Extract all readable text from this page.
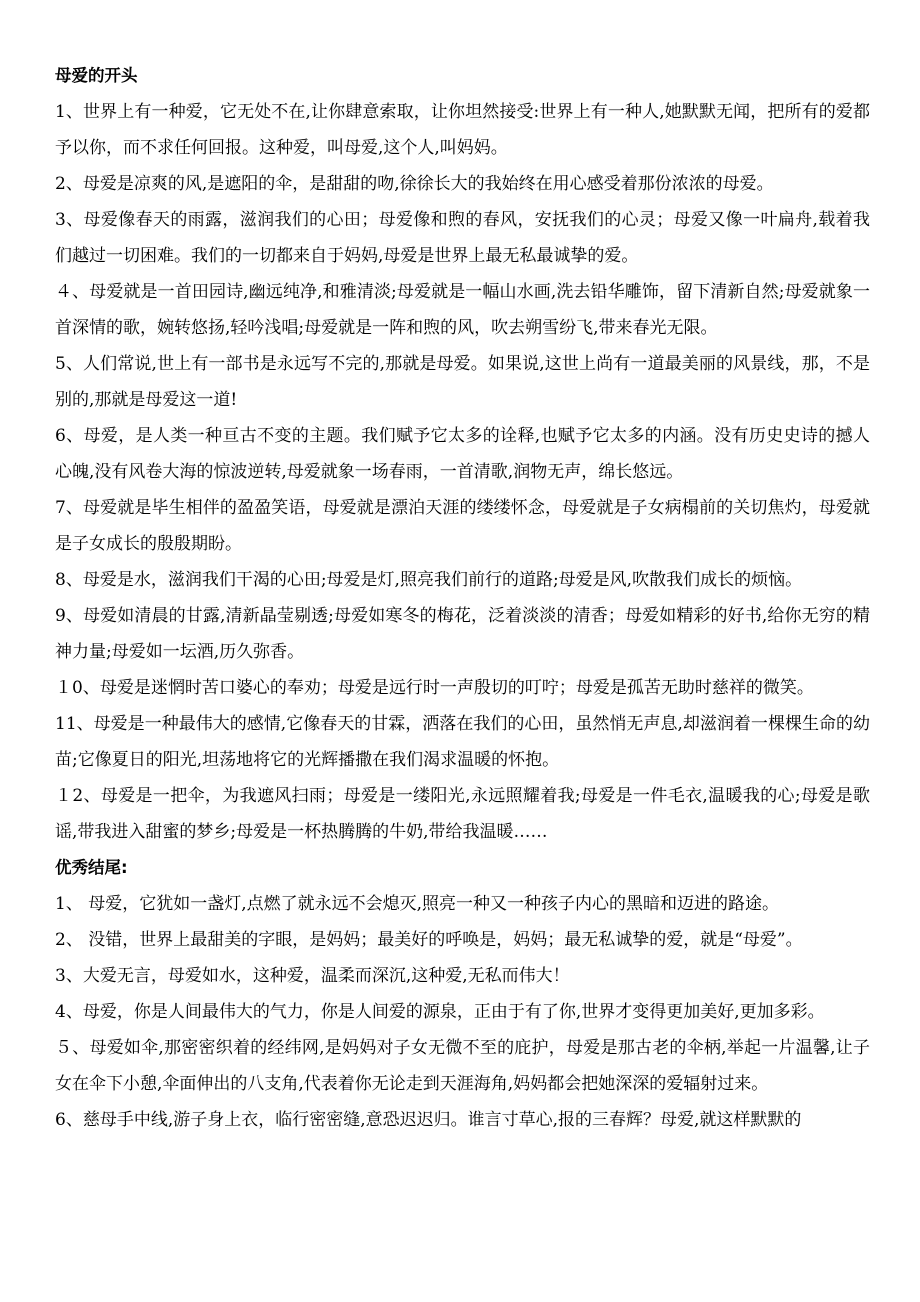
母爱的开头

1、世界上有一种爱，它无处不在,让你肆意索取，让你坦然接受:世界上有一种人,她默默无闻，把所有的爱都予以你，而不求任何回报。这种爱，叫母爱,这个人,叫妈妈。

2、母爱是凉爽的风,是遮阳的伞，是甜甜的吻,徐徐长大的我始终在用心感受着那份浓浓的母爱。

3、母爱像春天的雨露，滋润我们的心田；母爱像和煦的春风，安抚我们的心灵；母爱又像一叶扁舟,载着我们越过一切困难。我们的一切都来自于妈妈,母爱是世界上最无私最诚挚的爱。

４、母爱就是一首田园诗,幽远纯净,和雅清淡;母爱就是一幅山水画,洗去铅华雕饰，留下清新自然;母爱就象一首深情的歌，婉转悠扬,轻吟浅唱;母爱就是一阵和煦的风，吹去朔雪纷飞,带来春光无限。

5、人们常说,世上有一部书是永远写不完的,那就是母爱。如果说,这世上尚有一道最美丽的风景线，那，不是别的,那就是母爱这一道!

6、母爱，是人类一种亘古不变的主题。我们赋予它太多的诠释,也赋予它太多的内涵。没有历史史诗的撼人心魄,没有风卷大海的惊波逆转,母爱就象一场春雨，一首清歌,润物无声，绵长悠远。

7、母爱就是毕生相伴的盈盈笑语，母爱就是漂泊天涯的缕缕怀念，母爱就是子女病榻前的关切焦灼，母爱就是子女成长的殷殷期盼。

8、母爱是水，滋润我们干渴的心田;母爱是灯,照亮我们前行的道路;母爱是风,吹散我们成长的烦恼。

9、母爱如清晨的甘露,清新晶莹剔透;母爱如寒冬的梅花，泛着淡淡的清香；母爱如精彩的好书,给你无穷的精神力量;母爱如一坛酒,历久弥香。

１0、母爱是迷惘时苦口婆心的奉劝；母爱是远行时一声殷切的叮咛；母爱是孤苦无助时慈祥的微笑。

11、母爱是一种最伟大的感情,它像春天的甘霖，洒落在我们的心田，虽然悄无声息,却滋润着一棵棵生命的幼苗;它像夏日的阳光,坦荡地将它的光辉播撒在我们渴求温暖的怀抱。

１2、母爱是一把伞，为我遮风扫雨；母爱是一缕阳光,永远照耀着我;母爱是一件毛衣,温暖我的心;母爱是歌谣,带我进入甜蜜的梦乡;母爱是一杯热腾腾的牛奶,带给我温暖……

优秀结尾:

1、 母爱，它犹如一盏灯,点燃了就永远不会熄灭,照亮一种又一种孩子内心的黑暗和迈进的路途。

2、 没错，世界上最甜美的字眼，是妈妈；最美好的呼唤是，妈妈；最无私诚挚的爱，就是“母爱”。

3、大爱无言，母爱如水，这种爱，温柔而深沉,这种爱,无私而伟大！

4、母爱，你是人间最伟大的气力，你是人间爱的源泉，正由于有了你,世界才变得更加美好,更加多彩。

５、母爱如伞,那密密织着的经纬网,是妈妈对子女无微不至的庇护，母爱是那古老的伞柄,举起一片温馨,让子女在伞下小憩,伞面伸出的八支角,代表着你无论走到天涯海角,妈妈都会把她深深的爱辐射过来。

6、慈母手中线,游子身上衣，临行密密缝,意恐迟迟归。谁言寸草心,报的三春辉？母爱,就这样默默的
